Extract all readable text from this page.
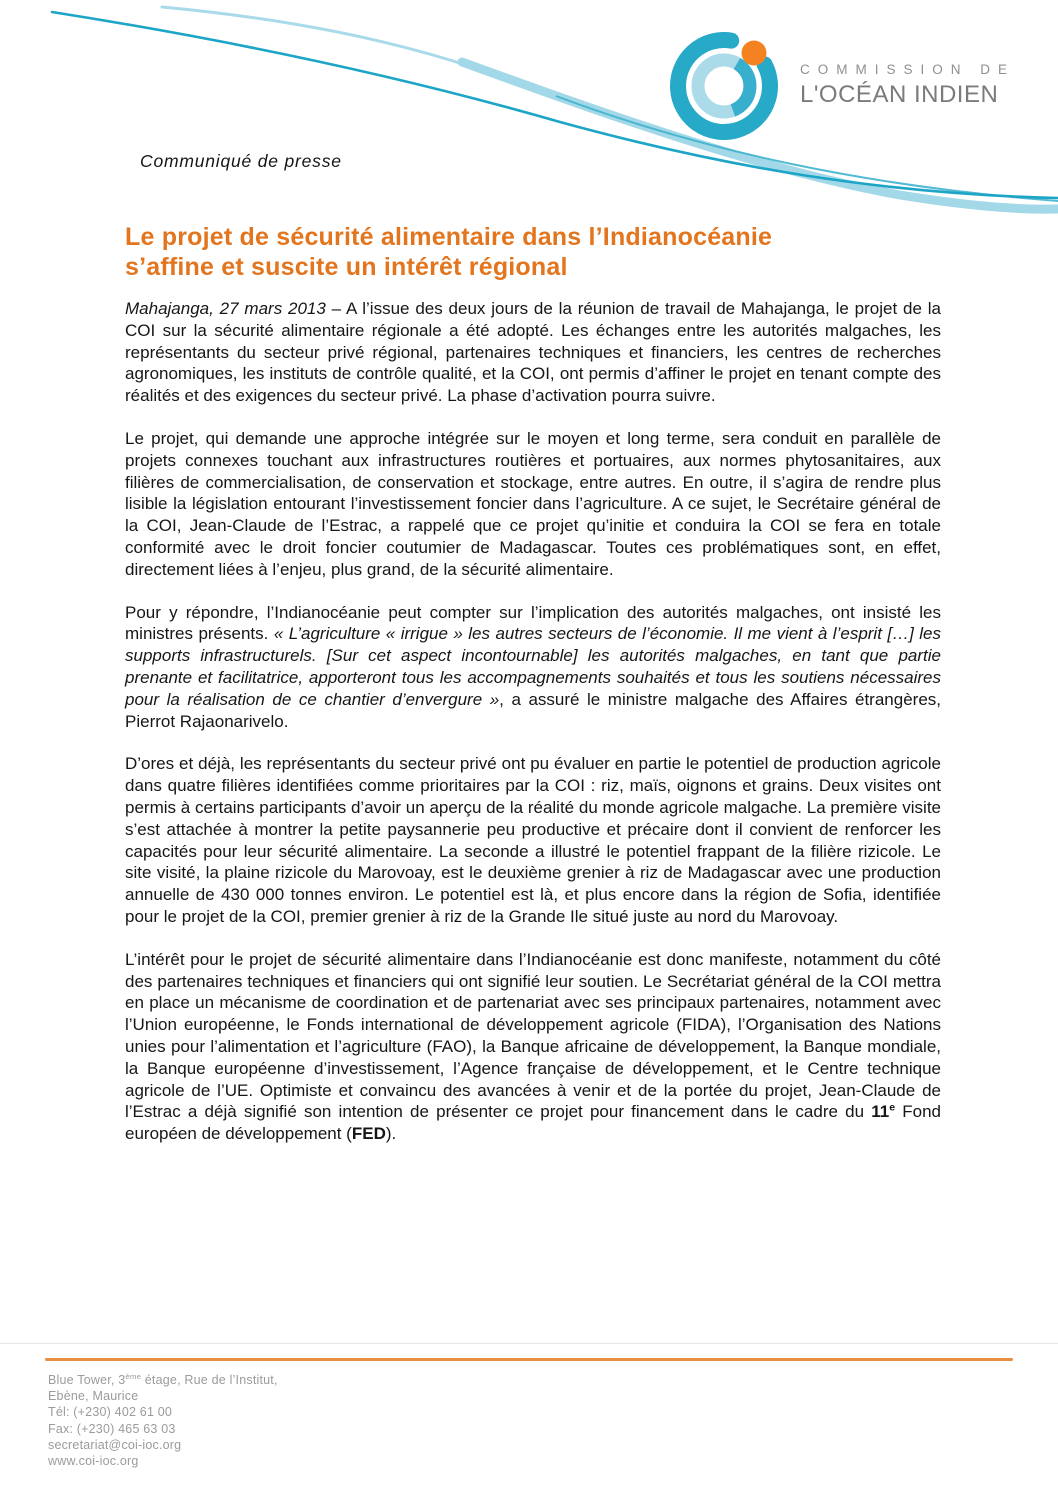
COMMISSION DE
L'OCÉAN INDIEN
Communiqué de presse
Le projet de sécurité alimentaire dans l’Indianocéanie
s’affine et suscite un intérêt régional

Mahajanga, 27 mars 2013 – A l’issue des deux jours de la réunion de travail de Mahajanga, le projet de la COI sur la sécurité alimentaire régionale a été adopté. Les échanges entre les autorités malgaches, les représentants du secteur privé régional, partenaires techniques et financiers, les centres de recherches agronomiques, les instituts de contrôle qualité, et la COI, ont permis d’affiner le projet en tenant compte des réalités et des exigences du secteur privé. La phase d’activation pourra suivre.

Le projet, qui demande une approche intégrée sur le moyen et long terme, sera conduit en parallèle de projets connexes touchant aux infrastructures routières et portuaires, aux normes phytosanitaires, aux filières de commercialisation, de conservation et stockage, entre autres. En outre, il s’agira de rendre plus lisible la législation entourant l’investissement foncier dans l’agriculture. A ce sujet, le Secrétaire général de la COI, Jean-Claude de l’Estrac, a rappelé que ce projet qu’initie et conduira la COI se fera en totale conformité avec le droit foncier coutumier de Madagascar. Toutes ces problématiques sont, en effet, directement liées à l’enjeu, plus grand, de la sécurité alimentaire.

Pour y répondre, l’Indianocéanie peut compter sur l’implication des autorités malgaches, ont insisté les ministres présents. « L’agriculture « irrigue » les autres secteurs de l’économie. Il me vient à l’esprit […] les supports infrastructurels. [Sur cet aspect incontournable] les autorités malgaches, en tant que partie prenante et facilitatrice, apporteront tous les accompagnements souhaités et tous les soutiens nécessaires pour la réalisation de ce chantier d’envergure », a assuré le ministre malgache des Affaires étrangères, Pierrot Rajaonarivelo.

D’ores et déjà, les représentants du secteur privé ont pu évaluer en partie le potentiel de production agricole dans quatre filières identifiées comme prioritaires par la COI : riz, maïs, oignons et grains. Deux visites ont permis à certains participants d’avoir un aperçu de la réalité du monde agricole malgache. La première visite s’est attachée à montrer la petite paysannerie peu productive et précaire dont il convient de renforcer les capacités pour leur sécurité alimentaire. La seconde a illustré le potentiel frappant de la filière rizicole. Le site visité, la plaine rizicole du Marovoay, est le deuxième grenier à riz de Madagascar avec une production annuelle de 430 000 tonnes environ. Le potentiel est là, et plus encore dans la région de Sofia, identifiée pour le projet de la COI, premier grenier à riz de la Grande Ile situé juste au nord du Marovoay.

L’intérêt pour le projet de sécurité alimentaire dans l’Indianocéanie est donc manifeste, notamment du côté des partenaires techniques et financiers qui ont signifié leur soutien. Le Secrétariat général de la COI mettra en place un mécanisme de coordination et de partenariat avec ses principaux partenaires, notamment avec l’Union européenne, le Fonds international de développement agricole (FIDA), l’Organisation des Nations unies pour l’alimentation et l’agriculture (FAO), la Banque africaine de développement, la Banque mondiale, la Banque européenne d’investissement, l’Agence française de développement, et le Centre technique agricole de l’UE. Optimiste et convaincu des avancées à venir et de la portée du projet, Jean-Claude de l’Estrac a déjà signifié son intention de présenter ce projet pour financement dans le cadre du 11e Fond européen de développement (FED).

Blue Tower, 3ème étage, Rue de l’Institut,
Ebène, Maurice
Tél: (+230) 402 61 00
Fax: (+230) 465 63 03
secretariat@coi-ioc.org
www.coi-ioc.org
